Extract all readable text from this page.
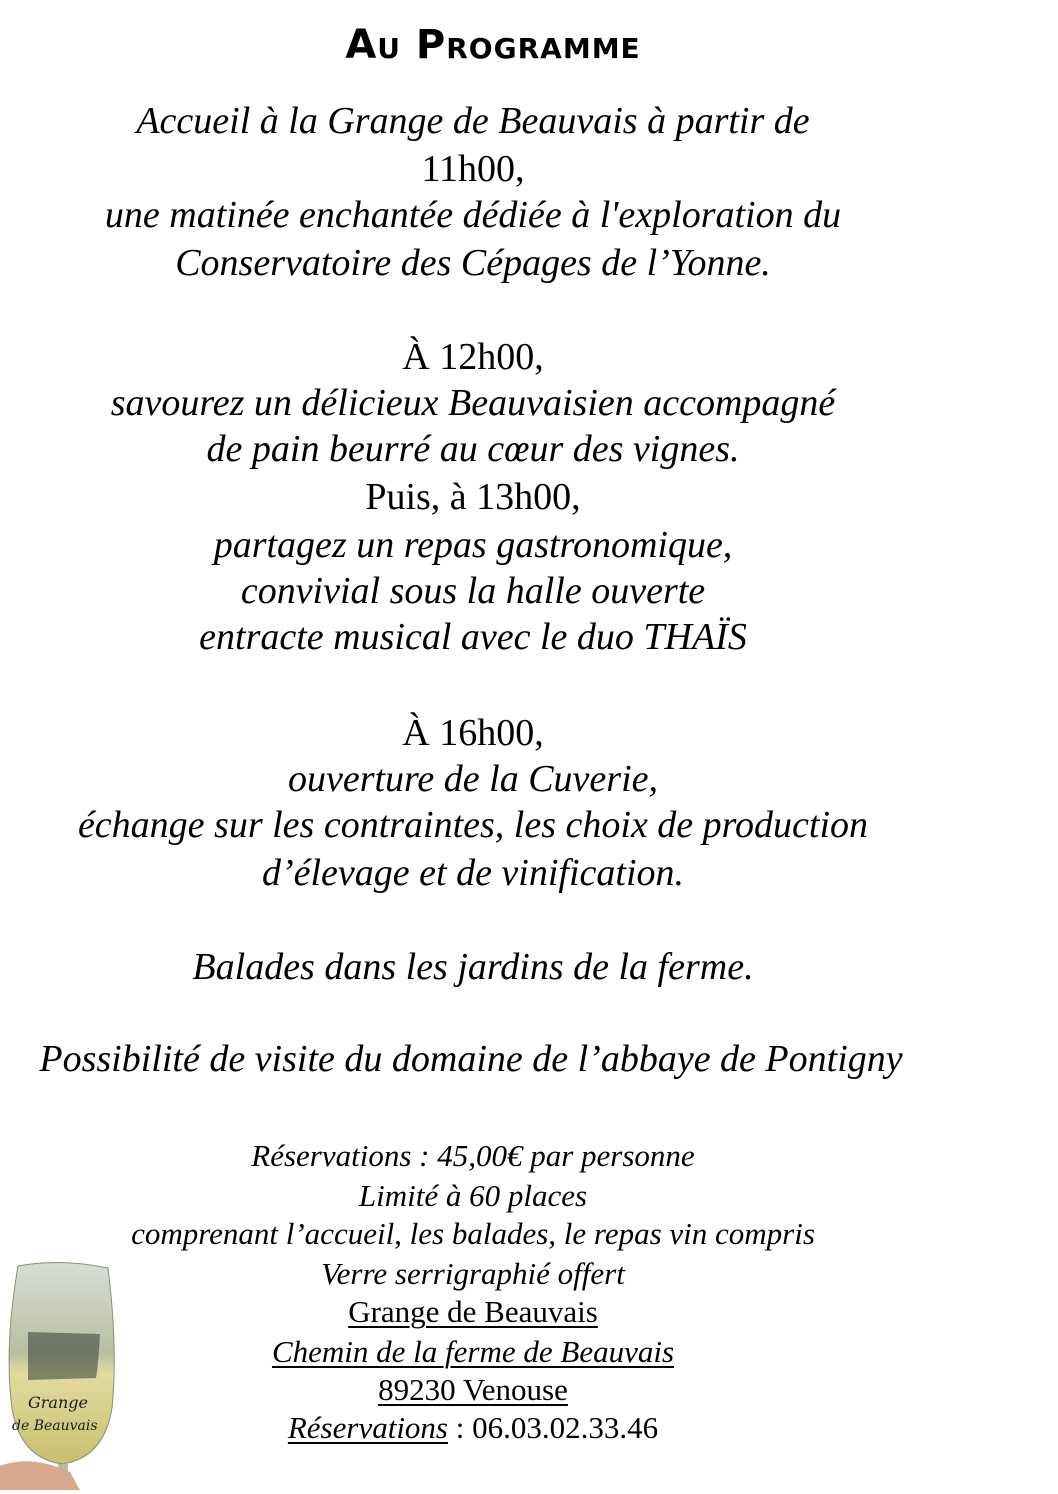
Au Programme
Accueil à la Grange de Beauvais à partir de
11h00,
une matinée enchantée dédiée à l'exploration du
Conservatoire des Cépages de l’Yonne.
À 12h00,
savourez un délicieux Beauvaisien accompagné
de pain beurré au cœur des vignes.
Puis, à 13h00,
partagez un repas gastronomique,
convivial sous la halle ouverte
entracte musical avec le duo THAÏS
À 16h00,
ouverture de la Cuverie,
échange sur les contraintes, les choix de production
d’élevage et de vinification.
Balades dans les jardins de la ferme.
Possibilité de visite du domaine de l’abbaye de Pontigny
Réservations : 45,00€ par personne
Limité à 60 places
comprenant l’accueil, les balades, le repas vin compris
Verre serrigraphié offert
Grange de Beauvais
Chemin de la ferme de Beauvais
89230 Venouse
Réservations : 06.03.02.33.46
Grange
de Beauvais
